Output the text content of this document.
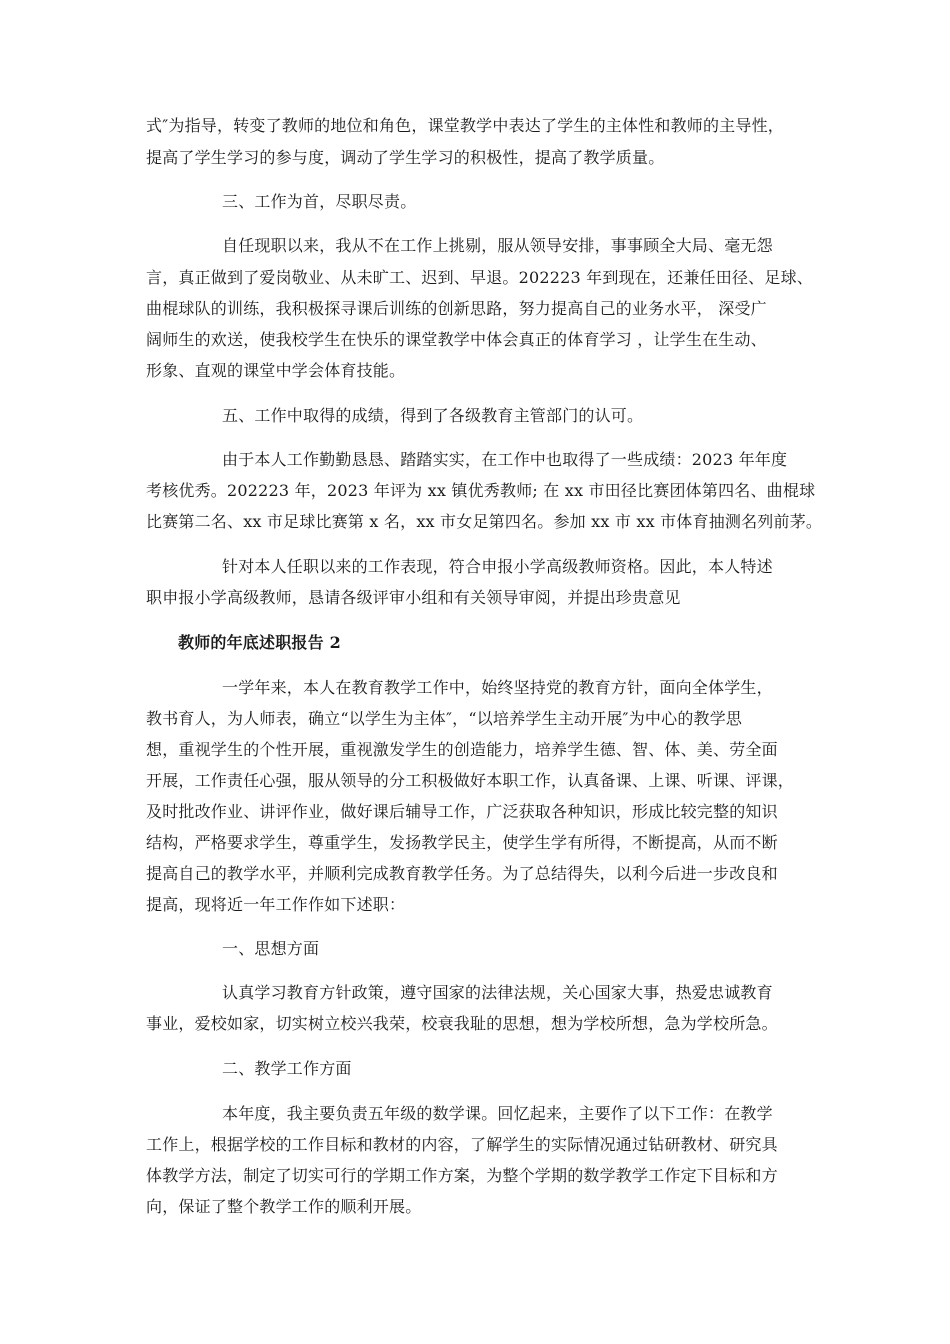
式″为指导，转变了教师的地位和角色，课堂教学中表达了学生的主体性和教师的主导性，
提高了学生学习的参与度，调动了学生学习的积极性，提高了教学质量。
三、工作为首，尽职尽责。
自任现职以来，我从不在工作上挑剔，服从领导安排，事事顾全大局、毫无怨
言，真正做到了爱岗敬业、从未旷工、迟到、早退。202223 年到现在，还兼任田径、足球、
曲棍球队的训练，我积极探寻课后训练的创新思路，努力提高自己的业务水平， 深受广
阔师生的欢送，使我校学生在快乐的课堂教学中体会真正的体育学习 ，让学生在生动、
形象、直观的课堂中学会体育技能。
五、工作中取得的成绩，得到了各级教育主管部门的认可。
由于本人工作勤勤恳恳、踏踏实实，在工作中也取得了一些成绩：2023 年年度
考核优秀。202223 年，2023 年评为 xx 镇优秀教师; 在 xx 市田径比赛团体第四名、曲棍球
比赛第二名、xx 市足球比赛第 x 名，xx 市女足第四名。参加 xx 市 xx 市体育抽测名列前茅。
针对本人任职以来的工作表现，符合申报小学高级教师资格。因此，本人特述
职申报小学高级教师，恳请各级评审小组和有关领导审阅，并提出珍贵意见
教师的年底述职报告 2
一学年来，本人在教育教学工作中，始终坚持党的教育方针，面向全体学生，
教书育人，为人师表，确立“以学生为主体″，“以培养学生主动开展″为中心的教学思
想，重视学生的个性开展，重视激发学生的创造能力，培养学生德、智、体、美、劳全面
开展，工作责任心强，服从领导的分工积极做好本职工作，认真备课、上课、听课、评课，
及时批改作业、讲评作业，做好课后辅导工作，广泛获取各种知识，形成比较完整的知识
结构，严格要求学生，尊重学生，发扬教学民主，使学生学有所得，不断提高，从而不断
提高自己的教学水平，并顺利完成教育教学任务。为了总结得失，以利今后进一步改良和
提高，现将近一年工作作如下述职：
一、思想方面
认真学习教育方针政策，遵守国家的法律法规，关心国家大事，热爱忠诚教育
事业，爱校如家，切实树立校兴我荣，校衰我耻的思想，想为学校所想，急为学校所急。
二、教学工作方面
本年度，我主要负责五年级的数学课。回忆起来，主要作了以下工作：在教学
工作上，根据学校的工作目标和教材的内容，了解学生的实际情况通过钻研教材、研究具
体教学方法，制定了切实可行的学期工作方案，为整个学期的数学教学工作定下目标和方
向，保证了整个教学工作的顺利开展。
